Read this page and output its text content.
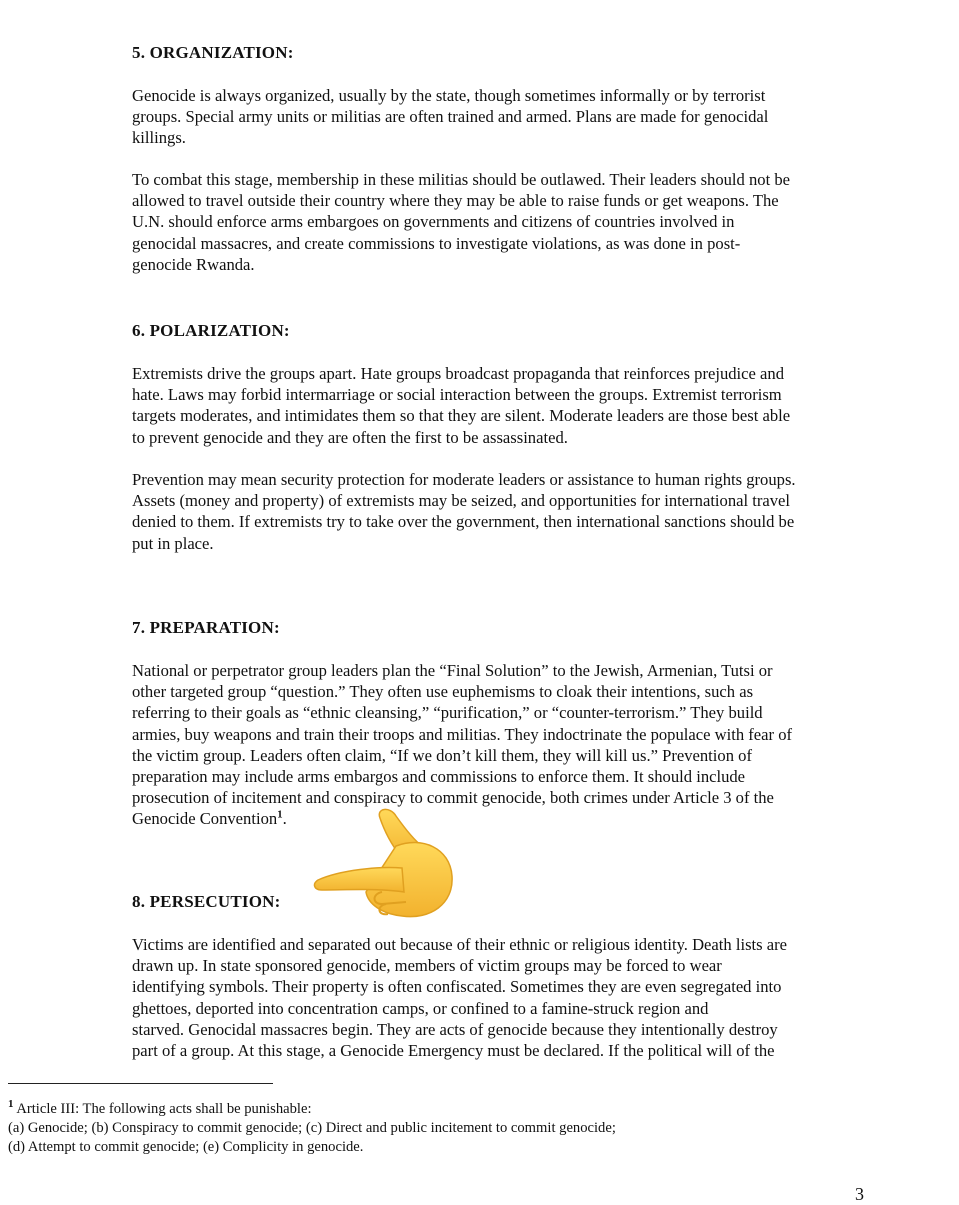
5. ORGANIZATION:
Genocide is always organized, usually by the state, though sometimes informally or by terrorist
groups. Special army units or militias are often trained and armed. Plans are made for genocidal
killings.
To combat this stage, membership in these militias should be outlawed. Their leaders should not be
allowed to travel outside their country where they may be able to raise funds or get weapons. The
U.N. should enforce arms embargoes on governments and citizens of countries involved in
genocidal massacres, and create commissions to investigate violations, as was done in post-
genocide Rwanda.
6. POLARIZATION:
Extremists drive the groups apart. Hate groups broadcast propaganda that reinforces prejudice and
hate. Laws may forbid intermarriage or social interaction between the groups. Extremist terrorism
targets moderates, and intimidates them so that they are silent. Moderate leaders are those best able
to prevent genocide and they are often the first to be assassinated.
Prevention may mean security protection for moderate leaders or assistance to human rights groups.
Assets (money and property) of extremists may be seized, and opportunities for international travel
denied to them. If extremists try to take over the government, then international sanctions should be
put in place.
7. PREPARATION:
National or perpetrator group leaders plan the “Final Solution” to the Jewish, Armenian, Tutsi or
other targeted group “question.” They often use euphemisms to cloak their intentions, such as
referring to their goals as “ethnic cleansing,” “purification,” or “counter-terrorism.” They build
armies, buy weapons and train their troops and militias. They indoctrinate the populace with fear of
the victim group. Leaders often claim, “If we don’t kill them, they will kill us.” Prevention of
preparation may include arms embargos and commissions to enforce them. It should include
prosecution of incitement and conspiracy to commit genocide, both crimes under Article 3 of the
Genocide Convention$^1$.
8. PERSECUTION:
Victims are identified and separated out because of their ethnic or religious identity. Death lists are
drawn up. In state sponsored genocide, members of victim groups may be forced to wear
identifying symbols. Their property is often confiscated. Sometimes they are even segregated into
ghettoes, deported into concentration camps, or confined to a famine-struck region and
starved. Genocidal massacres begin. They are acts of genocide because they intentionally destroy
part of a group. At this stage, a Genocide Emergency must be declared. If the political will of the
$^1$ Article III: The following acts shall be punishable:
(a) Genocide; (b) Conspiracy to commit genocide; (c) Direct and public incitement to commit genocide;
(d) Attempt to commit genocide; (e) Complicity in genocide.
3
